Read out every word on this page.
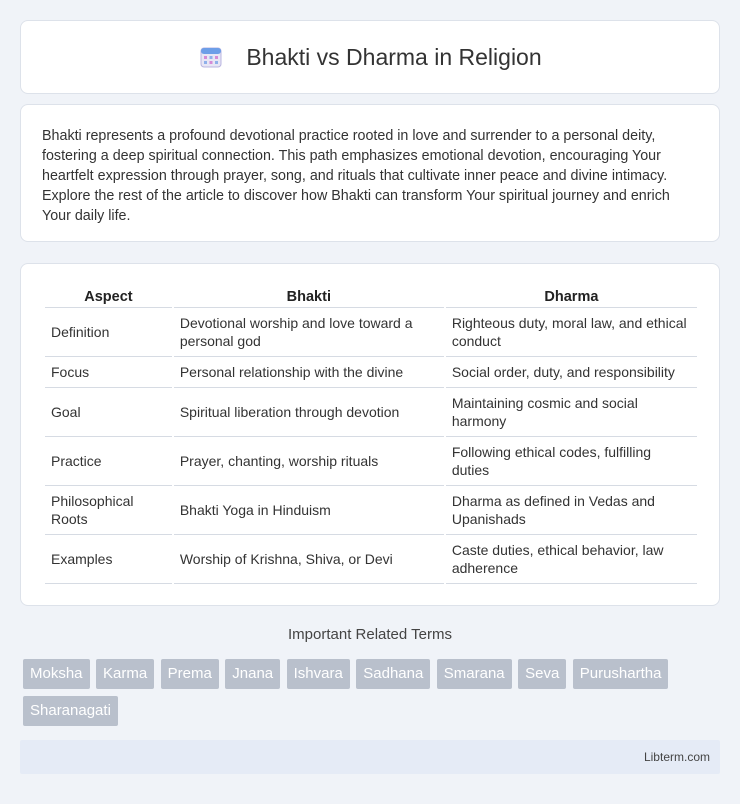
Bhakti vs Dharma in Religion

Bhakti represents a profound devotional practice rooted in love and surrender to a personal deity, fostering a deep spiritual connection. This path emphasizes emotional devotion, encouraging Your heartfelt expression through prayer, song, and rituals that cultivate inner peace and divine intimacy. Explore the rest of the article to discover how Bhakti can transform Your spiritual journey and enrich Your daily life.

Aspect	Bhakti	Dharma
Definition	Devotional worship and love toward a personal god	Righteous duty, moral law, and ethical conduct
Focus	Personal relationship with the divine	Social order, duty, and responsibility
Goal	Spiritual liberation through devotion	Maintaining cosmic and social harmony
Practice	Prayer, chanting, worship rituals	Following ethical codes, fulfilling duties
Philosophical Roots	Bhakti Yoga in Hinduism	Dharma as defined in Vedas and Upanishads
Examples	Worship of Krishna, Shiva, or Devi	Caste duties, ethical behavior, law adherence
Important Related Terms
Moksha Karma Prema Jnana Ishvara Sadhana Smarana Seva Purushartha Sharanagati
Libterm.com
